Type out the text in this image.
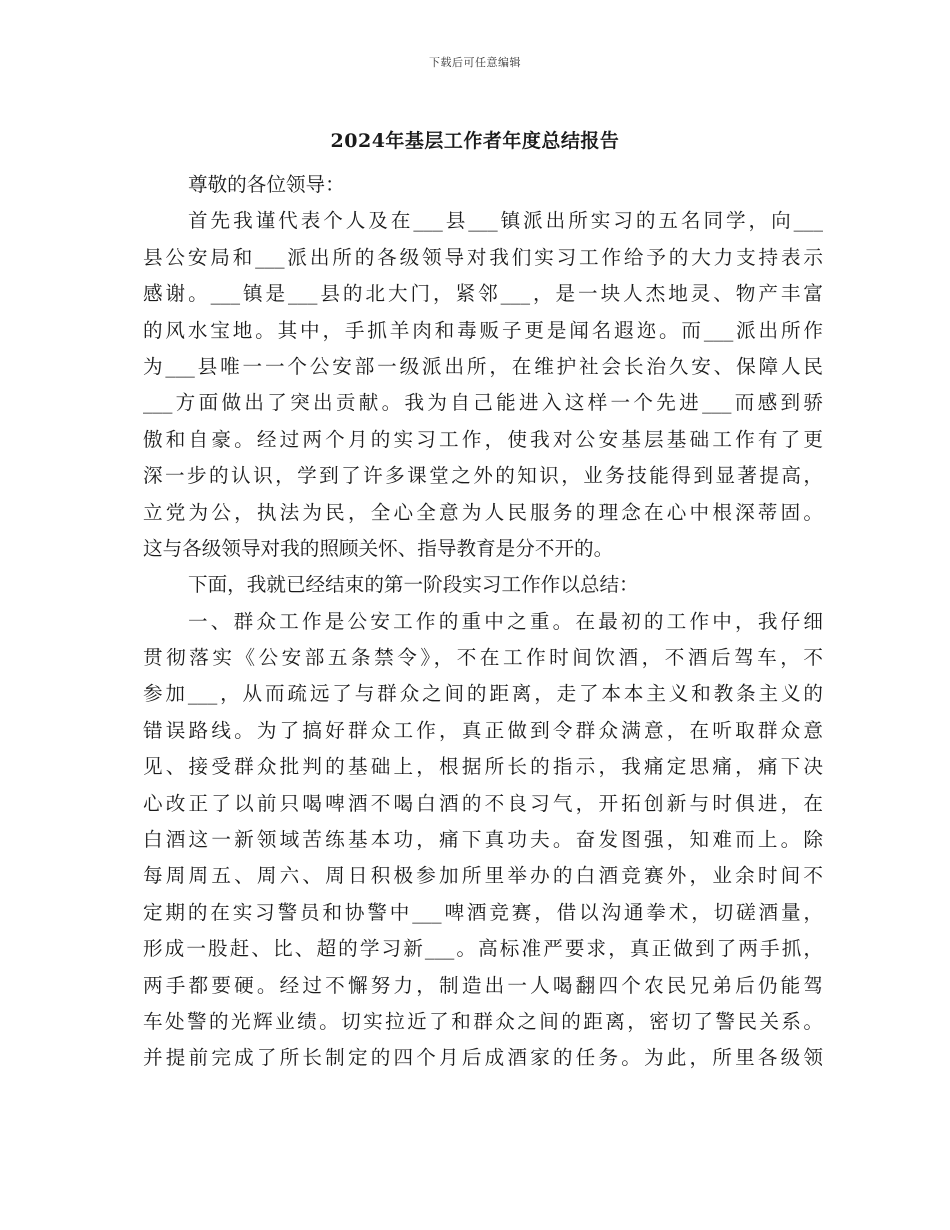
下载后可任意编辑
2024年基层工作者年度总结报告
尊敬的各位领导：
首先我谨代表个人及在___县___镇派出所实习的五名同学，向___
县公安局和___派出所的各级领导对我们实习工作给予的大力支持表示
感谢。___镇是___县的北大门，紧邻___，是一块人杰地灵、物产丰富
的风水宝地。其中，手抓羊肉和毒贩子更是闻名遐迩。而___派出所作
为___县唯一一个公安部一级派出所，在维护社会长治久安、保障人民
___方面做出了突出贡献。我为自己能进入这样一个先进___而感到骄
傲和自豪。经过两个月的实习工作，使我对公安基层基础工作有了更
深一步的认识，学到了许多课堂之外的知识，业务技能得到显著提高，
立党为公，执法为民，全心全意为人民服务的理念在心中根深蒂固。
这与各级领导对我的照顾关怀、指导教育是分不开的。
下面，我就已经结束的第一阶段实习工作作以总结：
一、群众工作是公安工作的重中之重。在最初的工作中，我仔细
贯彻落实《公安部五条禁令》，不在工作时间饮酒，不酒后驾车，不
参加___，从而疏远了与群众之间的距离，走了本本主义和教条主义的
错误路线。为了搞好群众工作，真正做到令群众满意，在听取群众意
见、接受群众批判的基础上，根据所长的指示，我痛定思痛，痛下决
心改正了以前只喝啤酒不喝白酒的不良习气，开拓创新与时俱进，在
白酒这一新领域苦练基本功，痛下真功夫。奋发图强，知难而上。除
每周周五、周六、周日积极参加所里举办的白酒竞赛外，业余时间不
定期的在实习警员和协警中___啤酒竞赛，借以沟通拳术，切磋酒量，
形成一股赶、比、超的学习新___。高标准严要求，真正做到了两手抓，
两手都要硬。经过不懈努力，制造出一人喝翻四个农民兄弟后仍能驾
车处警的光辉业绩。切实拉近了和群众之间的距离，密切了警民关系。
并提前完成了所长制定的四个月后成酒家的任务。为此，所里各级领
